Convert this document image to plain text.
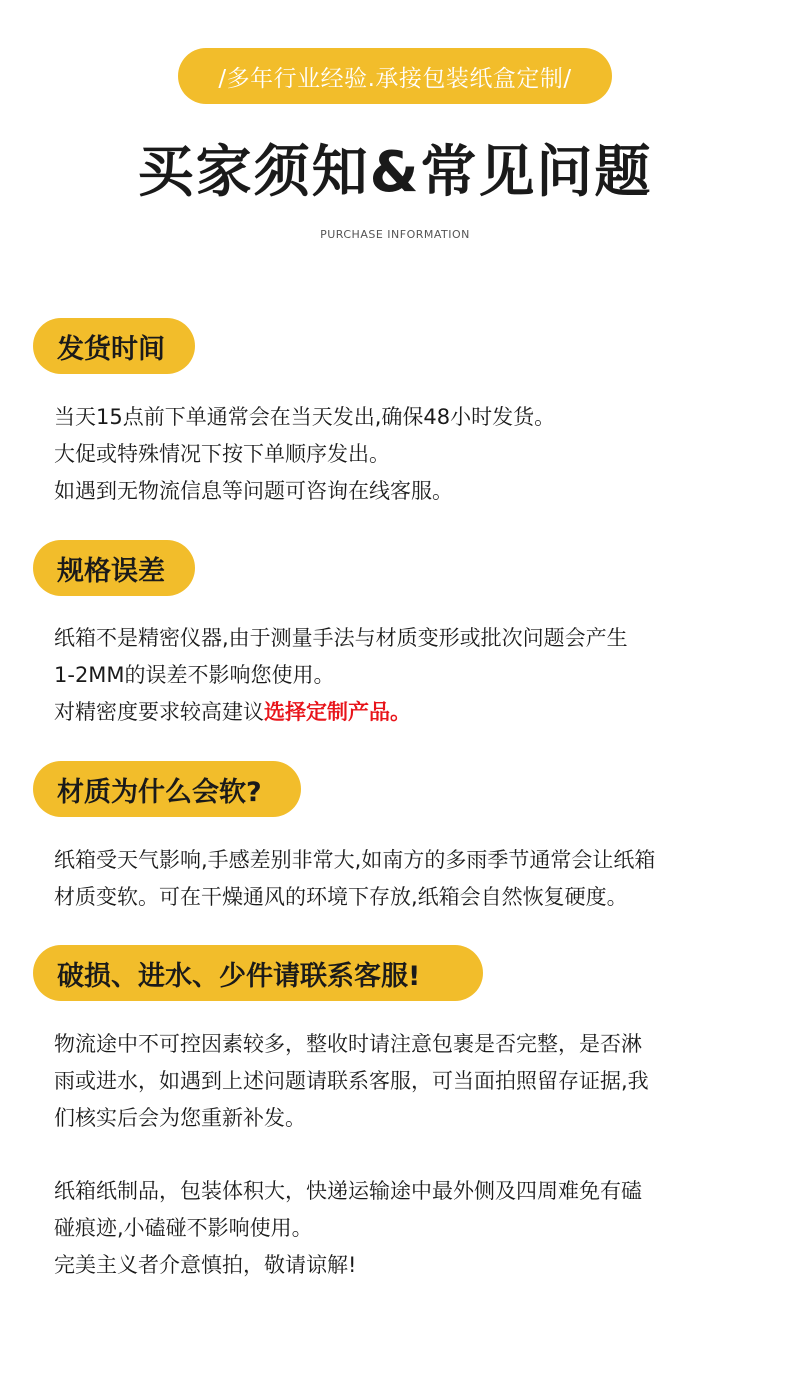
/多年行业经验.承接包装纸盒定制/
买家须知&常见问题
PURCHASE INFORMATION
发货时间
当天15点前下单通常会在当天发出,确保48小时发货。
大促或特殊情况下按下单顺序发出。
如遇到无物流信息等问题可咨询在线客服。
规格误差
纸箱不是精密仪器,由于测量手法与材质变形或批次问题会产生
1-2MM的误差不影响您使用。
对精密度要求较高建议选择定制产品。
材质为什么会软?
纸箱受天气影响,手感差别非常大,如南方的多雨季节通常会让纸箱
材质变软。可在干燥通风的环境下存放,纸箱会自然恢复硬度。
破损、进水、少件请联系客服!
物流途中不可控因素较多，整收时请注意包裹是否完整，是否淋
雨或进水，如遇到上述问题请联系客服，可当面拍照留存证据,我
们核实后会为您重新补发。
纸箱纸制品，包装体积大，快递运输途中最外侧及四周难免有磕
碰痕迹,小磕碰不影响使用。
完美主义者介意慎拍，敬请谅解!
